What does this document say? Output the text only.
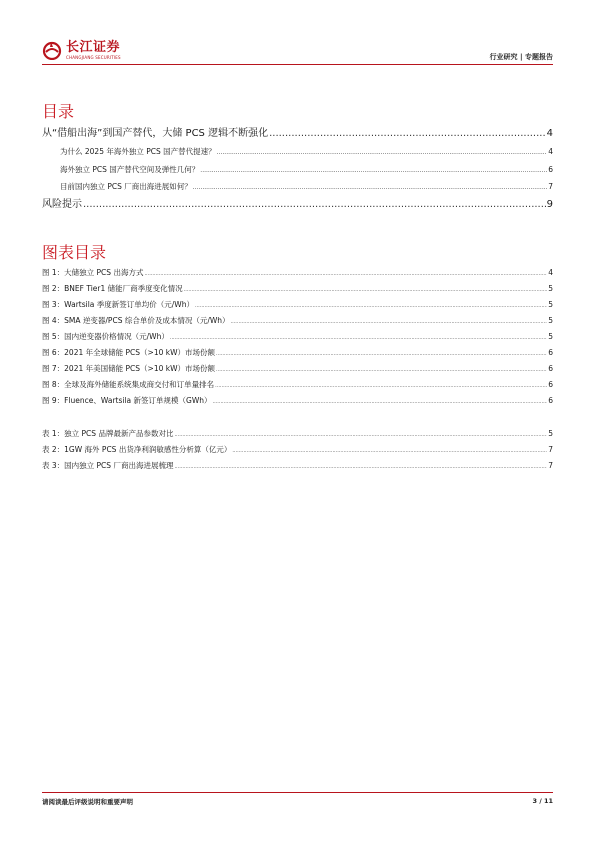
长江证券
CHANGJIANG SECURITIES	行业研究 | 专题报告
目录
从“借船出海”到国产替代，大储 PCS 逻辑不断强化 .....	4
为什么 2025 年海外独立 PCS 国产替代提速？ .....	4
海外独立 PCS 国产替代空间及弹性几何？ .....	6
目前国内独立 PCS 厂商出海进展如何？ .....	7
风险提示 .....	9
图表目录
图 1：大储独立 PCS 出海方式 .....	4
图 2：BNEF Tier1 储能厂商季度变化情况 .....	5
图 3：Wartsila 季度新签订单均价（元/Wh） .....	5
图 4：SMA 逆变器/PCS 综合单价及成本情况（元/Wh） .....	5
图 5：国内逆变器价格情况（元/Wh） .....	5
图 6：2021 年全球储能 PCS（>10 kW）市场份额 .....	6
图 7：2021 年美国储能 PCS（>10 kW）市场份额 .....	6
图 8：全球及海外储能系统集成商交付和订单量排名 .....	6
图 9：Fluence、Wartsila 新签订单规模（GWh） .....	6
表 1：独立 PCS 品牌最新产品参数对比 .....	5
表 2：1GW 海外 PCS 出货净利润敏感性分析算（亿元） .....	7
表 3：国内独立 PCS 厂商出海进展梳理 .....	7
请阅读最后评级说明和重要声明	3 / 11
